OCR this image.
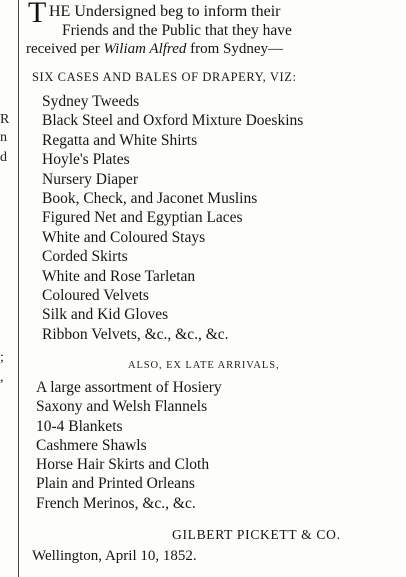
R
n
d
;
,
T HE Undersigned beg to inform their
Friends and the Public that they have
received per Wiliam Alfred from Sydney—
SIX CASES AND BALES OF DRAPERY, VIZ:
Sydney Tweeds
Black Steel and Oxford Mixture Doeskins
Regatta and White Shirts
Hoyle's Plates
Nursery Diaper
Book, Check, and Jaconet Muslins
Figured Net and Egyptian Laces
White and Coloured Stays
Corded Skirts
White and Rose Tarletan
Coloured Velvets
Silk and Kid Gloves
Ribbon Velvets, &c., &c., &c.
ALSO, EX LATE ARRIVALS,
A large assortment of Hosiery
Saxony and Welsh Flannels
10-4 Blankets
Cashmere Shawls
Horse Hair Skirts and Cloth
Plain and Printed Orleans
French Merinos, &c., &c.
GILBERT PICKETT & CO.
Wellington, April 10, 1852.
